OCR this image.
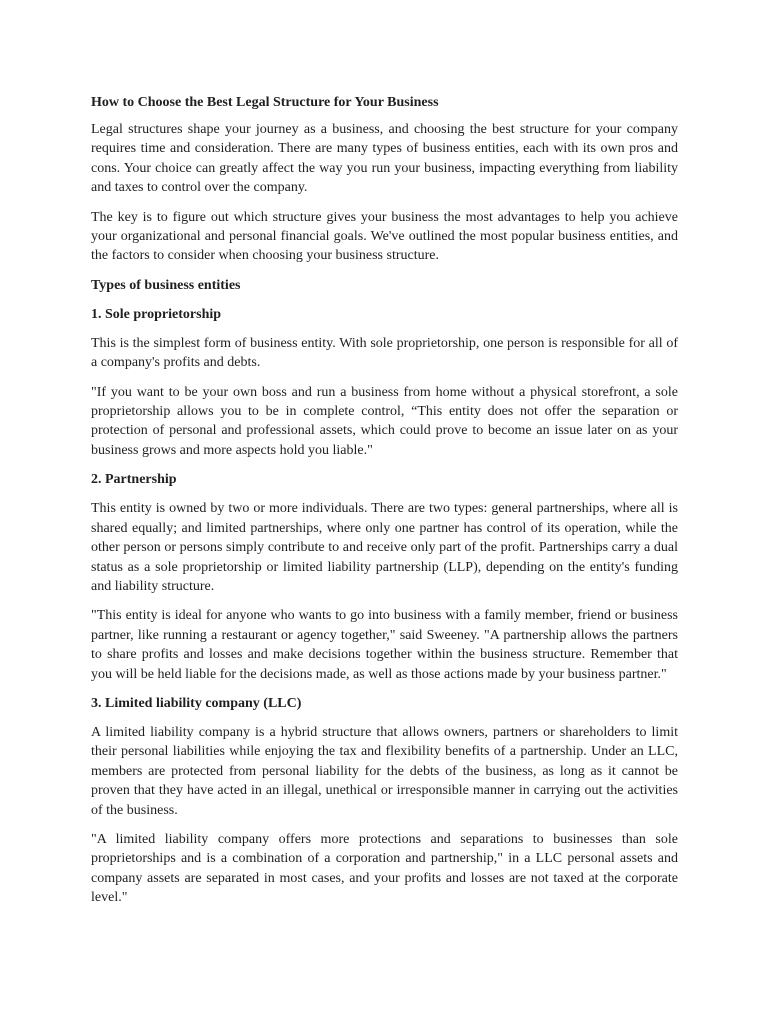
How to Choose the Best Legal Structure for Your Business

Legal structures shape your journey as a business, and choosing the best structure for your company requires time and consideration. There are many types of business entities, each with its own pros and cons. Your choice can greatly affect the way you run your business, impacting everything from liability and taxes to control over the company.

The key is to figure out which structure gives your business the most advantages to help you achieve your organizational and personal financial goals. We've outlined the most popular business entities, and the factors to consider when choosing your business structure.

Types of business entities
1. Sole proprietorship

This is the simplest form of business entity. With sole proprietorship, one person is responsible for all of a company's profits and debts.

"If you want to be your own boss and run a business from home without a physical storefront, a sole proprietorship allows you to be in complete control, “This entity does not offer the separation or protection of personal and professional assets, which could prove to become an issue later on as your business grows and more aspects hold you liable."

2. Partnership

This entity is owned by two or more individuals. There are two types: general partnerships, where all is shared equally; and limited partnerships, where only one partner has control of its operation, while the other person or persons simply contribute to and receive only part of the profit. Partnerships carry a dual status as a sole proprietorship or limited liability partnership (LLP), depending on the entity's funding and liability structure.

"This entity is ideal for anyone who wants to go into business with a family member, friend or business partner, like running a restaurant or agency together," said Sweeney. "A partnership allows the partners to share profits and losses and make decisions together within the business structure. Remember that you will be held liable for the decisions made, as well as those actions made by your business partner."

3. Limited liability company (LLC)

A limited liability company is a hybrid structure that allows owners, partners or shareholders to limit their personal liabilities while enjoying the tax and flexibility benefits of a partnership. Under an LLC, members are protected from personal liability for the debts of the business, as long as it cannot be proven that they have acted in an illegal, unethical or irresponsible manner in carrying out the activities of the business.

"A limited liability company offers more protections and separations to businesses than sole proprietorships and is a combination of a corporation and partnership," in a LLC personal assets and company assets are separated in most cases, and your profits and losses are not taxed at the corporate level."
